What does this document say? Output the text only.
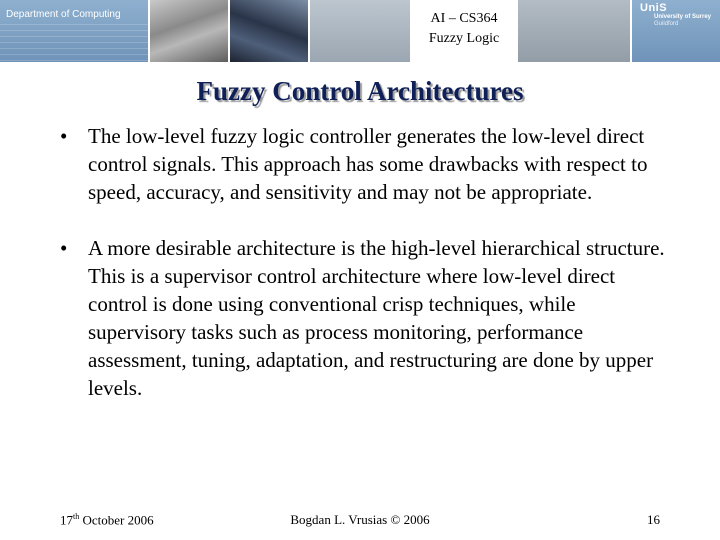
Department of Computing	AI – CS364
Fuzzy Logic
UniS
University of Surrey
Guildford
Fuzzy Control Architectures
• The low-level fuzzy logic controller generates the low-level direct control signals. This approach has some drawbacks with respect to speed, accuracy, and sensitivity and may not be appropriate.
• A more desirable architecture is the high-level hierarchical structure. This is a supervisor control architecture where low-level direct control is done using conventional crisp techniques, while supervisory tasks such as process monitoring, performance assessment, tuning, adaptation, and restructuring are done by upper levels.
17th October 2006	Bogdan L. Vrusias © 2006	16
